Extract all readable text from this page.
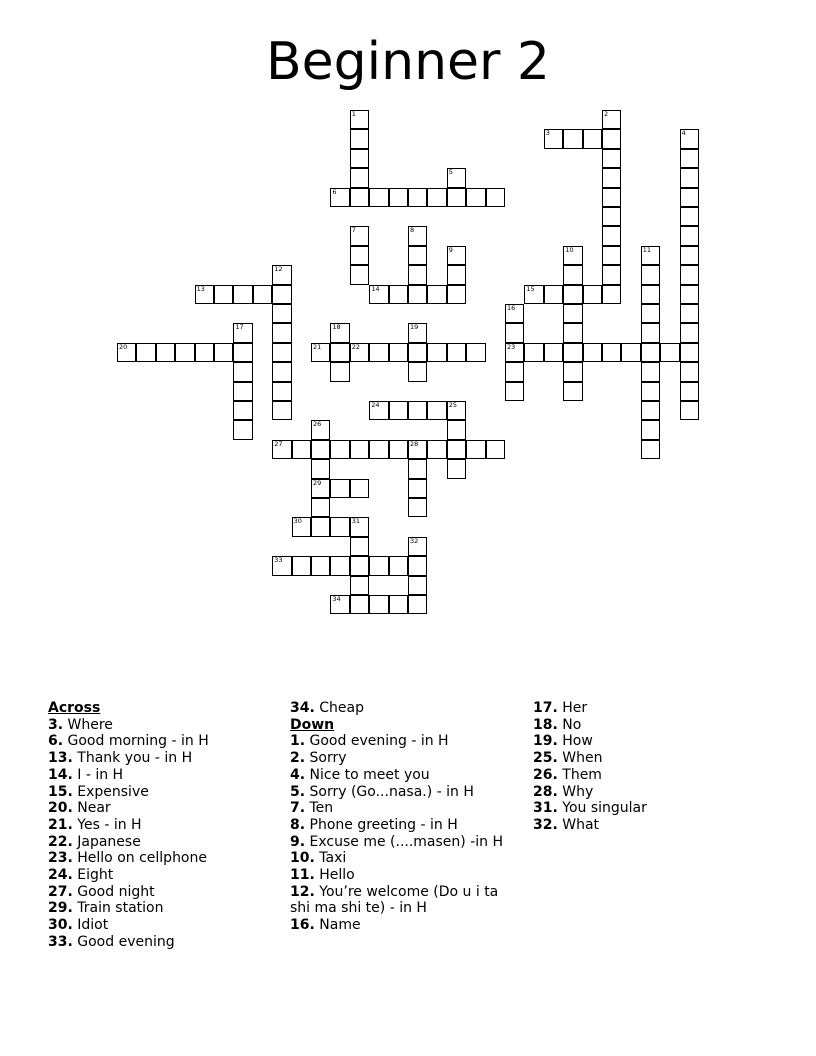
Beginner 2
1	2
3	4
5
6
7	8
9	10	11
12
13	14	15
16
23
17	18	19
20	21	22
24	25
26
29
27	28
30	31
32
33
34
Across
3. Where
6. Good morning - in H
13. Thank you - in H
14. I - in H
15. Expensive
20. Near
21. Yes - in H
22. Japanese
23. Hello on cellphone
24. Eight
27. Good night
29. Train station
30. Idiot
33. Good evening
34. Cheap
Down
1. Good evening - in H
2. Sorry
4. Nice to meet you
5. Sorry (Go...nasa.) - in H
7. Ten
8. Phone greeting - in H
9. Excuse me (....masen) -in H
10. Taxi
11. Hello
12. You’re welcome (Do u i ta shi ma shi te) - in H
16. Name
17. Her
18. No
19. How
25. When
26. Them
28. Why
31. You singular
32. What
